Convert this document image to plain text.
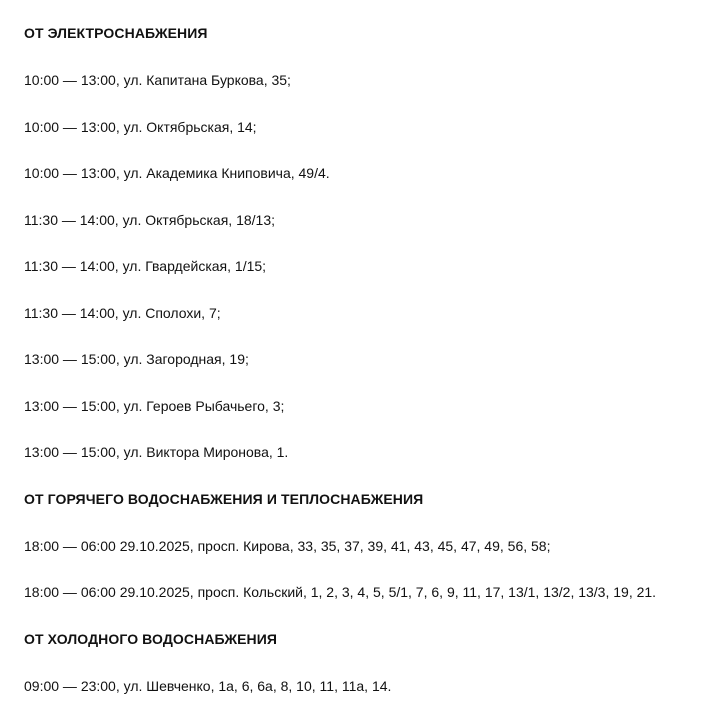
ОТ ЭЛЕКТРОСНАБЖЕНИЯ
10:00 — 13:00, ул. Капитана Буркова, 35;
10:00 — 13:00, ул. Октябрьская, 14;
10:00 — 13:00, ул. Академика Книповича, 49/4.
11:30 — 14:00, ул. Октябрьская, 18/13;
11:30 — 14:00, ул. Гвардейская, 1/15;
11:30 — 14:00, ул. Сполохи, 7;
13:00 — 15:00, ул. Загородная, 19;
13:00 — 15:00, ул. Героев Рыбачьего, 3;
13:00 — 15:00, ул. Виктора Миронова, 1.
ОТ ГОРЯЧЕГО ВОДОСНАБЖЕНИЯ И ТЕПЛОСНАБЖЕНИЯ
18:00 — 06:00 29.10.2025, просп. Кирова, 33, 35, 37, 39, 41, 43, 45, 47, 49, 56, 58;
18:00 — 06:00 29.10.2025, просп. Кольский, 1, 2, 3, 4, 5, 5/1, 7, 6, 9, 11, 17, 13/1, 13/2, 13/3, 19, 21.
ОТ ХОЛОДНОГО ВОДОСНАБЖЕНИЯ
09:00 — 23:00, ул. Шевченко, 1а, 6, 6а, 8, 10, 11, 11а, 14.
